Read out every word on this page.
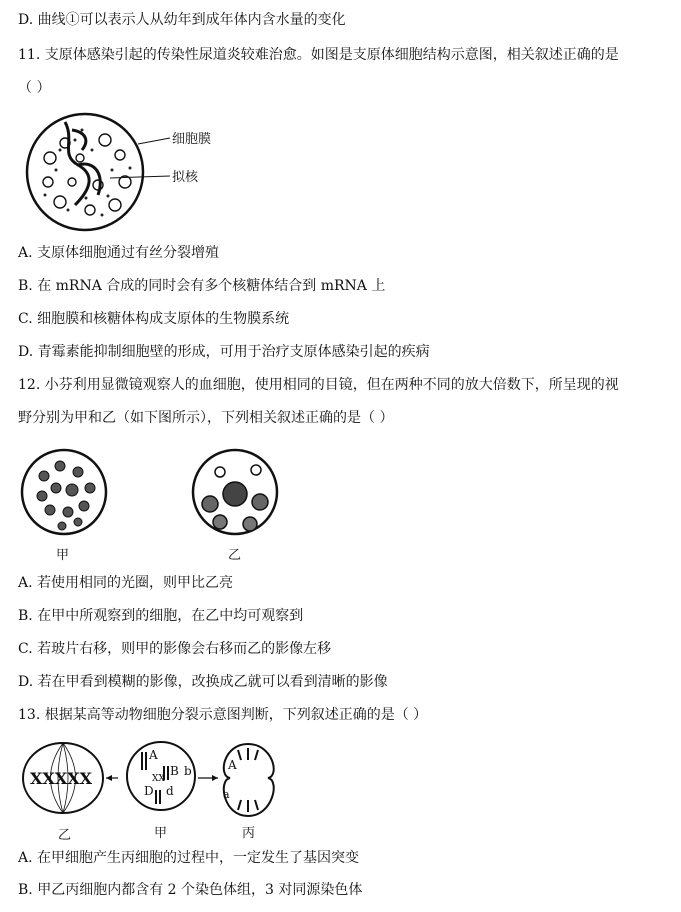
D. 曲线①可以表示人从幼年到成年体内含水量的变化
11. 支原体感染引起的传染性尿道炎较难治愈。如图是支原体细胞结构示意图，相关叙述正确的是
（ ）
细胞膜
拟核
A. 支原体细胞通过有丝分裂增殖
B. 在 mRNA 合成的同时会有多个核糖体结合到 mRNA 上
C. 细胞膜和核糖体构成支原体的生物膜系统
D. 青霉素能抑制细胞壁的形成，可用于治疗支原体感染引起的疾病
12. 小芬利用显微镜观察人的血细胞，使用相同的目镜，但在两种不同的放大倍数下，所呈现的视
野分别为甲和乙（如下图所示），下列相关叙述正确的是（ ）
甲	乙
A. 若使用相同的光圈，则甲比乙亮
B. 在甲中所观察到的细胞，在乙中均可观察到
C. 若玻片右移，则甲的影像会右移而乙的影像左移
D. 若在甲看到模糊的影像，改换成乙就可以看到清晰的影像
13. 根据某高等动物细胞分裂示意图判断，下列叙述正确的是（ ）
XXXXX
A
B b
XX
D d
A
a
乙	甲	丙
A. 在甲细胞产生丙细胞的过程中，一定发生了基因突变
B. 甲乙丙细胞内都含有 2 个染色体组，3 对同源染色体
